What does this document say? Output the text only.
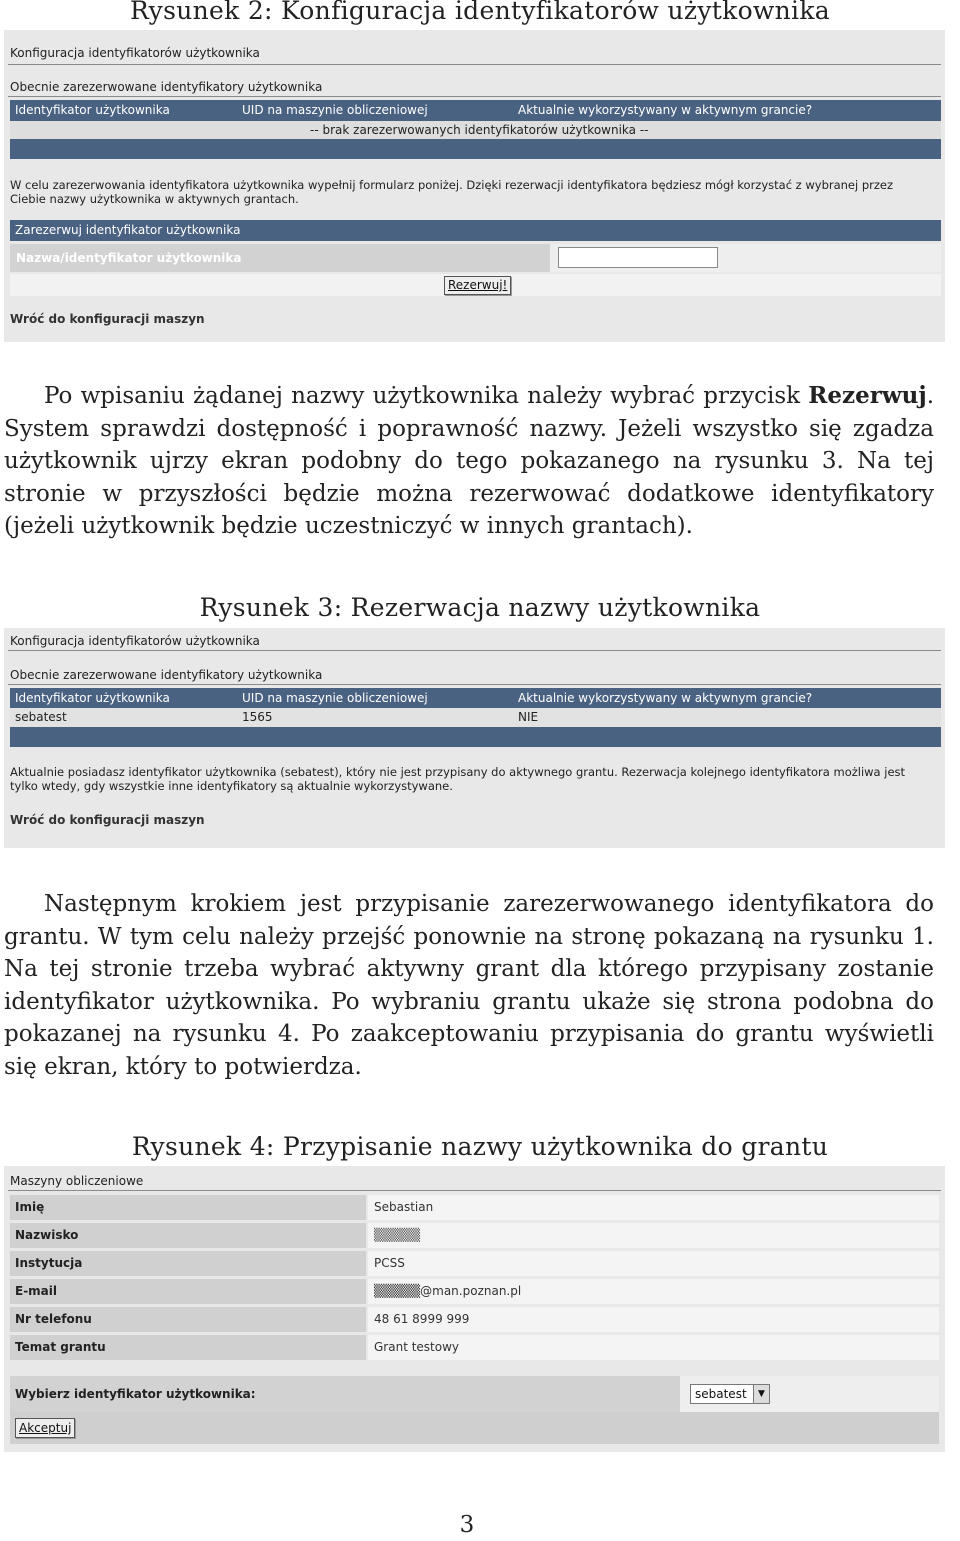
Rysunek 2: Konfiguracja identyfikatorów użytkownika
Konfiguracja identyfikatorów użytkownika
Obecnie zarezerwowane identyfikatory użytkownika
Identyfikator użytkownika	UID na maszynie obliczeniowej	Aktualnie wykorzystywany w aktywnym grancie?
-- brak zarezerwowanych identyfikatorów użytkownika --
W celu zarezerwowania identyfikatora użytkownika wypełnij formularz poniżej. Dzięki rezerwacji identyfikatora będziesz mógł korzystać z wybranej przez Ciebie nazwy użytkownika w aktywnych grantach.
Zarezerwuj identyfikator użytkownika
Nazwa/identyfikator użytkownika
Rezerwuj!
Wróć do konfiguracji maszyn

Po wpisaniu żądanej nazwy użytkownika należy wybrać przycisk Rezerwuj. System sprawdzi dostępność i poprawność nazwy. Jeżeli wszystko się zgadza użytkownik ujrzy ekran podobny do tego pokazanego na rysunku 3. Na tej stronie w przyszłości będzie można rezerwować dodatkowe identyfikatory (jeżeli użytkownik będzie uczestniczyć w innych grantach).

Rysunek 3: Rezerwacja nazwy użytkownika
Konfiguracja identyfikatorów użytkownika
Obecnie zarezerwowane identyfikatory użytkownika
Identyfikator użytkownika	UID na maszynie obliczeniowej	Aktualnie wykorzystywany w aktywnym grancie?
sebatest	1565	NIE
Aktualnie posiadasz identyfikator użytkownika (sebatest), który nie jest przypisany do aktywnego grantu. Rezerwacja kolejnego identyfikatora możliwa jest tylko wtedy, gdy wszystkie inne identyfikatory są aktualnie wykorzystywane.
Wróć do konfiguracji maszyn

Następnym krokiem jest przypisanie zarezerwowanego identyfikatora do grantu. W tym celu należy przejść ponownie na stronę pokazaną na rysunku 1. Na tej stronie trzeba wybrać aktywny grant dla którego przypisany zostanie identyfikator użytkownika. Po wybraniu grantu ukaże się strona podobna do pokazanej na rysunku 4. Po zaakceptowaniu przypisania do grantu wyświetli się ekran, który to potwierdza.

Rysunek 4: Przypisanie nazwy użytkownika do grantu
Maszyny obliczeniowe
Imię	Sebastian
Nazwisko	▒▒▒▒▒
Instytucja	PCSS
E-mail	▒▒▒▒▒@man.poznan.pl
Nr telefonu	48 61 8999 999
Temat grantu	Grant testowy
Wybierz identyfikator użytkownika:	sebatest	▼
Akceptuj
3
